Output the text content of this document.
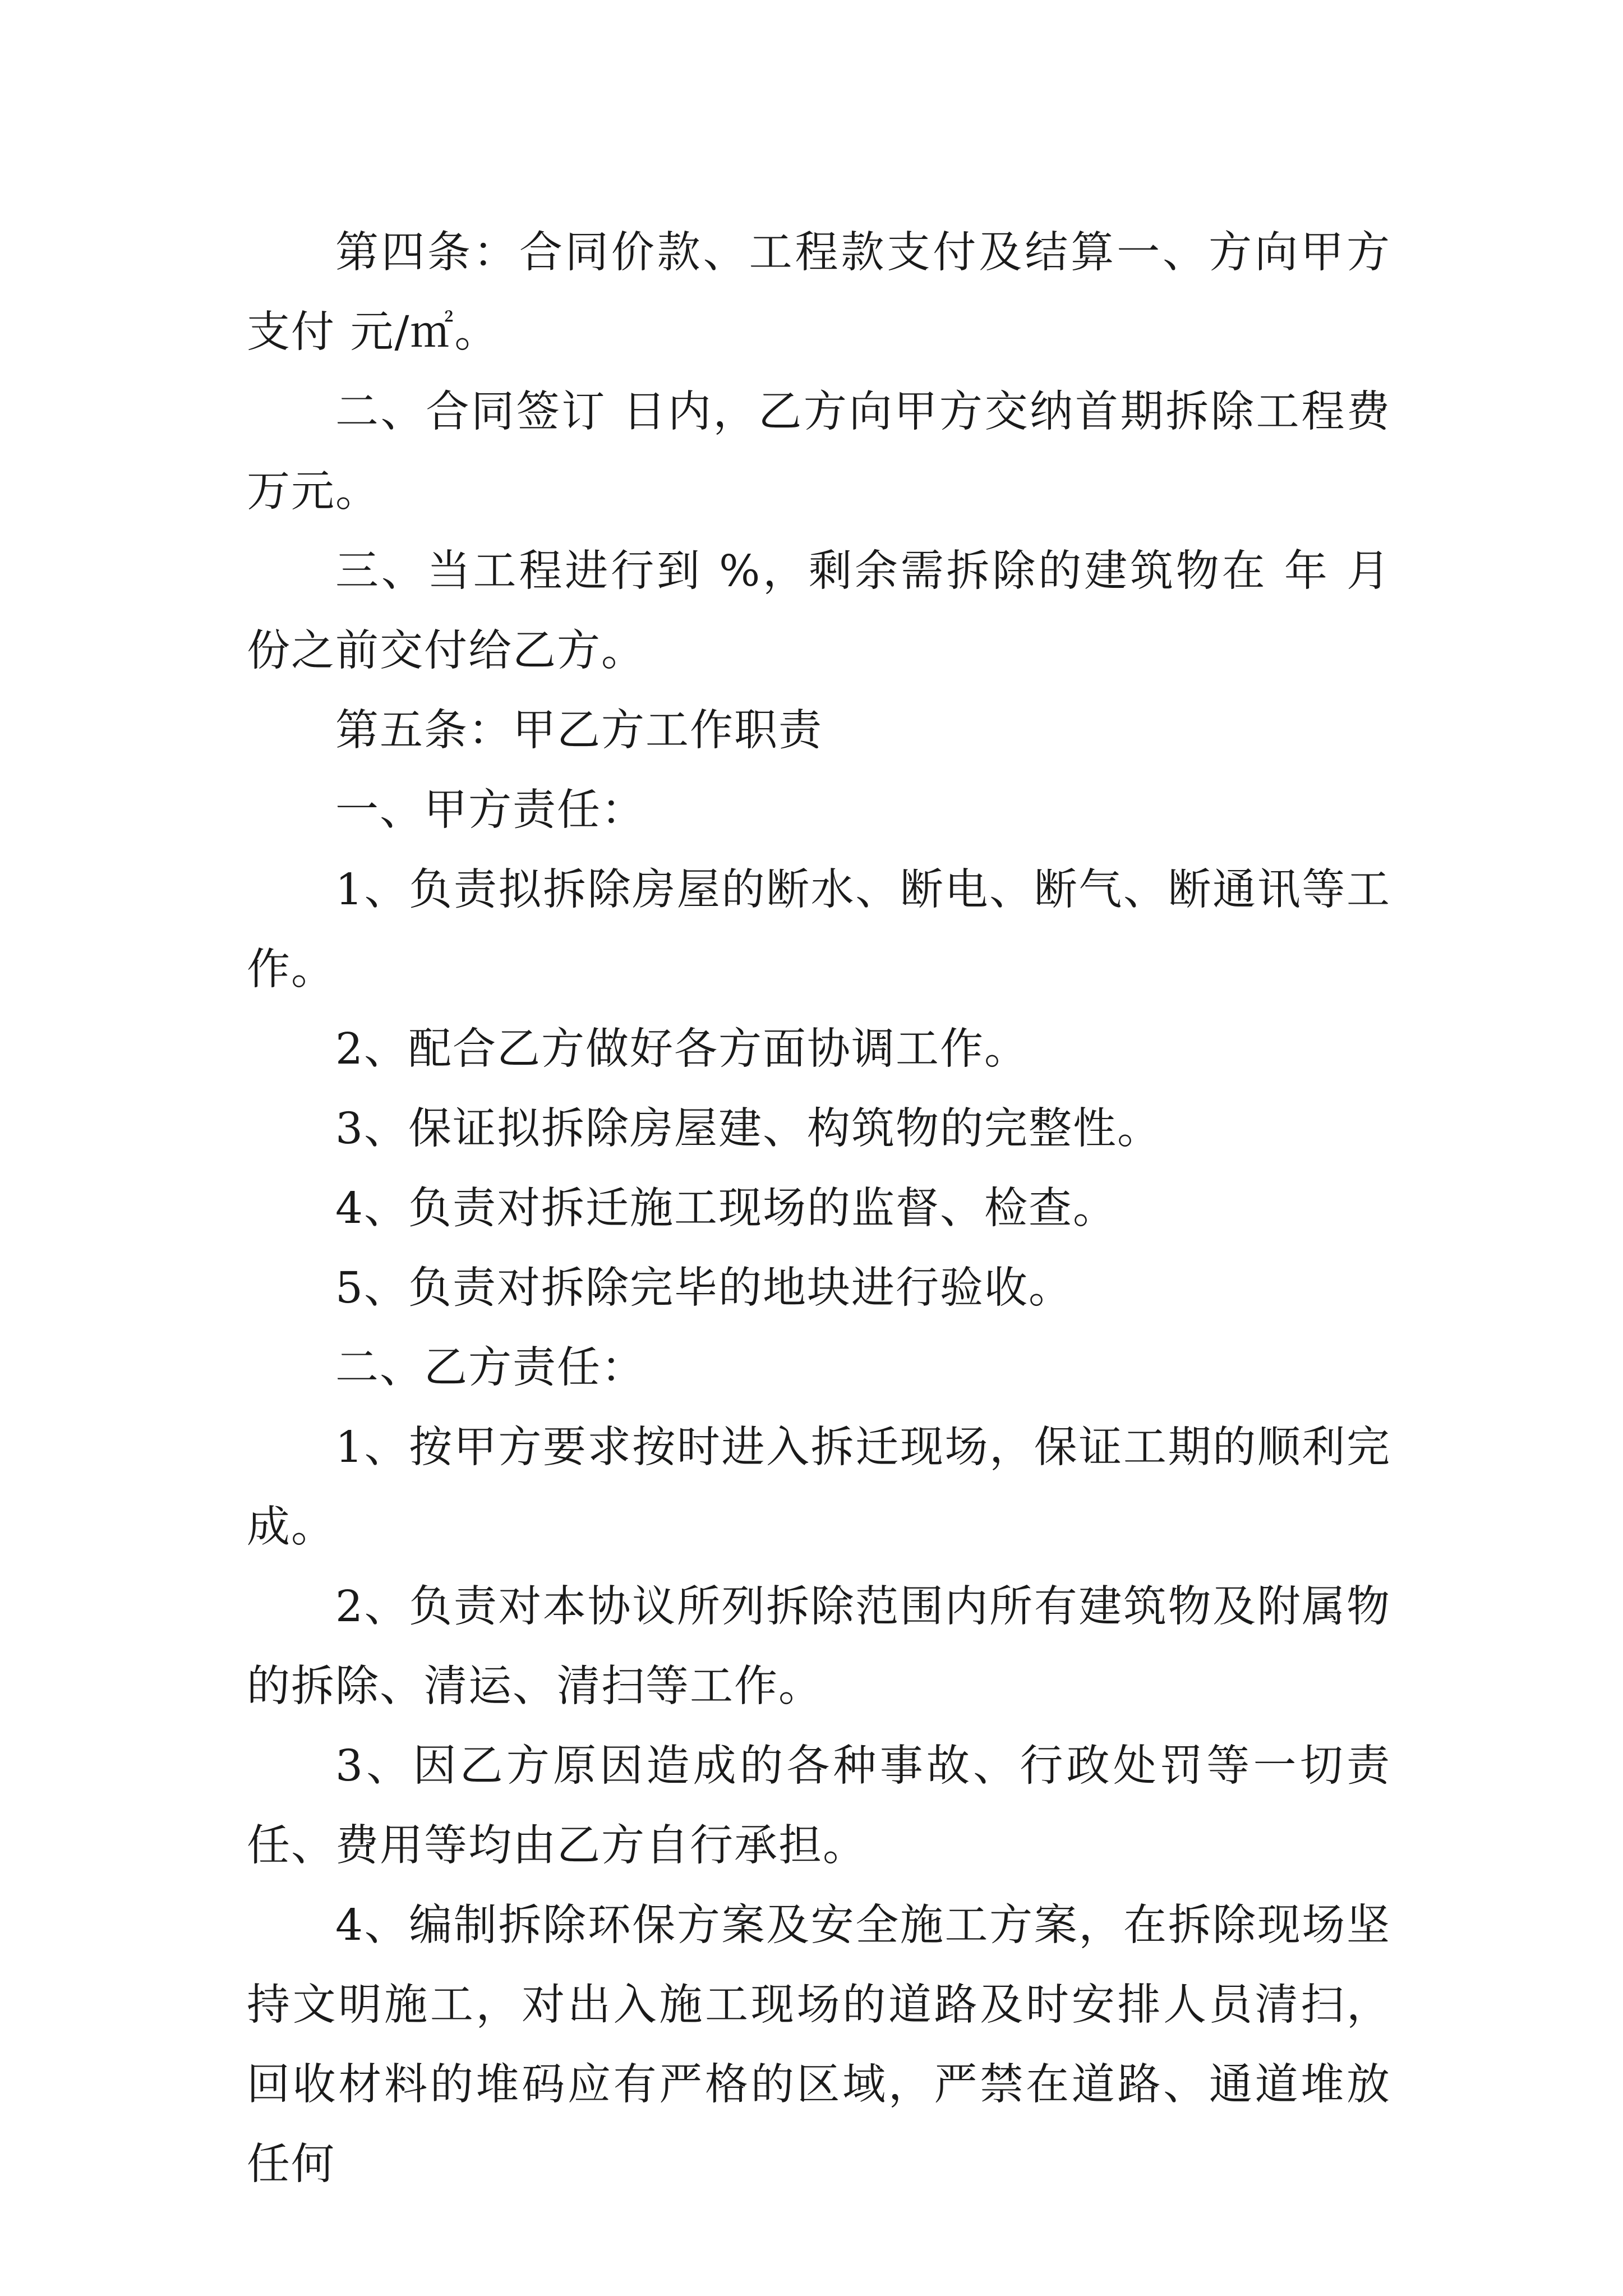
第四条：合同价款、工程款支付及结算一、方向甲方支付 元/㎡。

二、合同签订 日内，乙方向甲方交纳首期拆除工程费 万元。

三、当工程进行到 %，剩余需拆除的建筑物在 年 月份之前交付给乙方。

第五条：甲乙方工作职责

一、甲方责任：

1、负责拟拆除房屋的断水、断电、断气、断通讯等工作。

2、配合乙方做好各方面协调工作。

3、保证拟拆除房屋建、构筑物的完整性。

4、负责对拆迁施工现场的监督、检查。

5、负责对拆除完毕的地块进行验收。

二、乙方责任：

1、按甲方要求按时进入拆迁现场，保证工期的顺利完成。

2、负责对本协议所列拆除范围内所有建筑物及附属物的拆除、清运、清扫等工作。

3、因乙方原因造成的各种事故、行政处罚等一切责任、费用等均由乙方自行承担。

4、编制拆除环保方案及安全施工方案，在拆除现场坚持文明施工，对出入施工现场的道路及时安排人员清扫，回收材料的堆码应有严格的区域，严禁在道路、通道堆放任何
